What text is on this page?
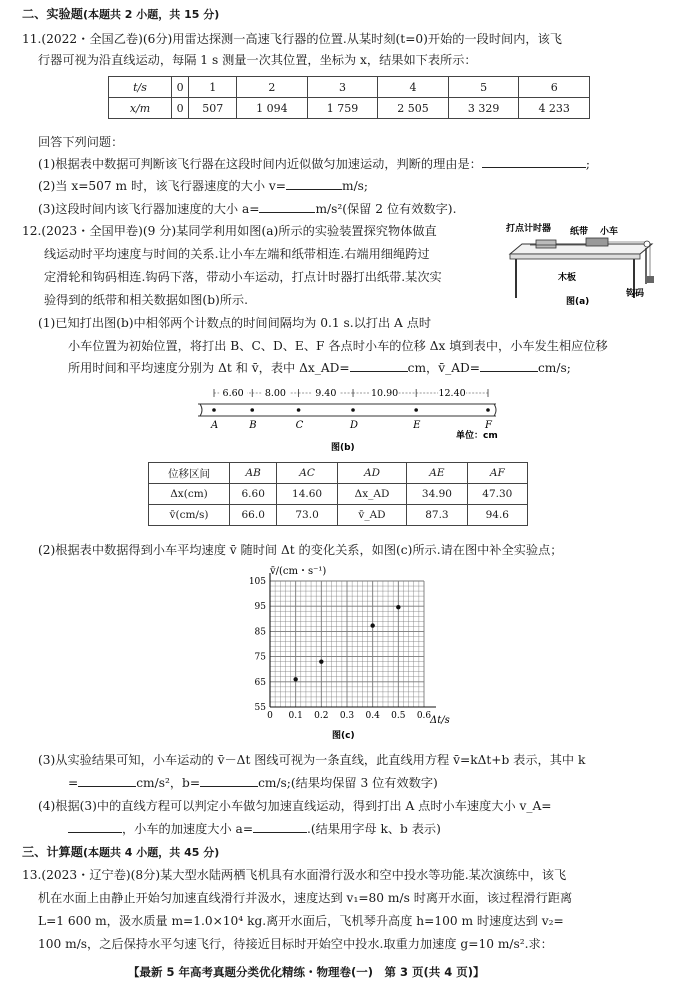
二、实验题(本题共 2 小题，共 15 分)
11.(2022・全国乙卷)(6分)用雷达探测一高速飞行器的位置.从某时刻(t=0)开始的一段时间内，该飞
行器可视为沿直线运动，每隔 1 s 测量一次其位置，坐标为 x，结果如下表所示：
t/s	0	1	2	3	4	5	6
x/m	0	507	1 094	1 759	2 505	3 329	4 233
回答下列问题：
(1)根据表中数据可判断该飞行器在这段时间内近似做匀加速运动，判断的理由是：	;
(2)当 x=507 m 时，该飞行器速度的大小 v=	m/s;
(3)这段时间内该飞行器加速度的大小 a=	m/s²(保留 2 位有效数字).
12.(2023・全国甲卷)(9 分)某同学利用如图(a)所示的实验装置探究物体做直
线运动时平均速度与时间的关系.让小车左端和纸带相连.右端用细绳跨过
定滑轮和钩码相连.钩码下落，带动小车运动，打点计时器打出纸带.某次实
验得到的纸带和相关数据如图(b)所示.
打点计时器 纸带 小车
木板
钩码
图(a)
(1)已知打出图(b)中相邻两个计数点的时间间隔均为 0.1 s.以打出 A 点时
小车位置为初始位置，将打出 B、C、D、E、F 各点时小车的位移 Δx 填到表中，小车发生相应位移
所用时间和平均速度分别为 Δt 和 v̄，表中 Δx_AD=	cm，v̄_AD=	cm/s;
A	B	C	D	E	F
6.60 8.00	9.40	10.90	12.40
单位：cm
图(b)
位移区间	AB	AC	AD	AE	AF
Δx(cm)	6.60	14.60	Δx_AD	34.90	47.30
v̄(cm/s)	66.0	73.0	v̄_AD	87.3	94.6
(2)根据表中数据得到小车平均速度 v̄ 随时间 Δt 的变化关系，如图(c)所示.请在图中补全实验点；
0 0.1 0.2 0.3 0.4 0.5 0.6
55
65
75
85
95
105
v̄/(cm・s⁻¹)
Δt/s
图(c)
(3)从实验结果可知，小车运动的 v̄－Δt 图线可视为一条直线，此直线用方程 v̄=kΔt+b 表示，其中 k
=	cm/s²，b=	cm/s;(结果均保留 3 位有效数字)
(4)根据(3)中的直线方程可以判定小车做匀加速直线运动，得到打出 A 点时小车速度大小 v_A=
，小车的加速度大小 a=	.(结果用字母 k、b 表示)
三、计算题(本题共 4 小题，共 45 分)
13.(2023・辽宁卷)(8分)某大型水陆两栖飞机具有水面滑行汲水和空中投水等功能.某次演练中，该飞
机在水面上由静止开始匀加速直线滑行并汲水，速度达到 v₁=80 m/s 时离开水面，该过程滑行距离
L=1 600 m，汲水质量 m=1.0×10⁴ kg.离开水面后，飞机琴升高度 h=100 m 时速度达到 v₂=
100 m/s，之后保持水平匀速飞行，待接近目标时开始空中投水.取重力加速度 g=10 m/s².求：
【最新 5 年高考真题分类优化精练・物理卷(一)　第 3 页(共 4 页)】
